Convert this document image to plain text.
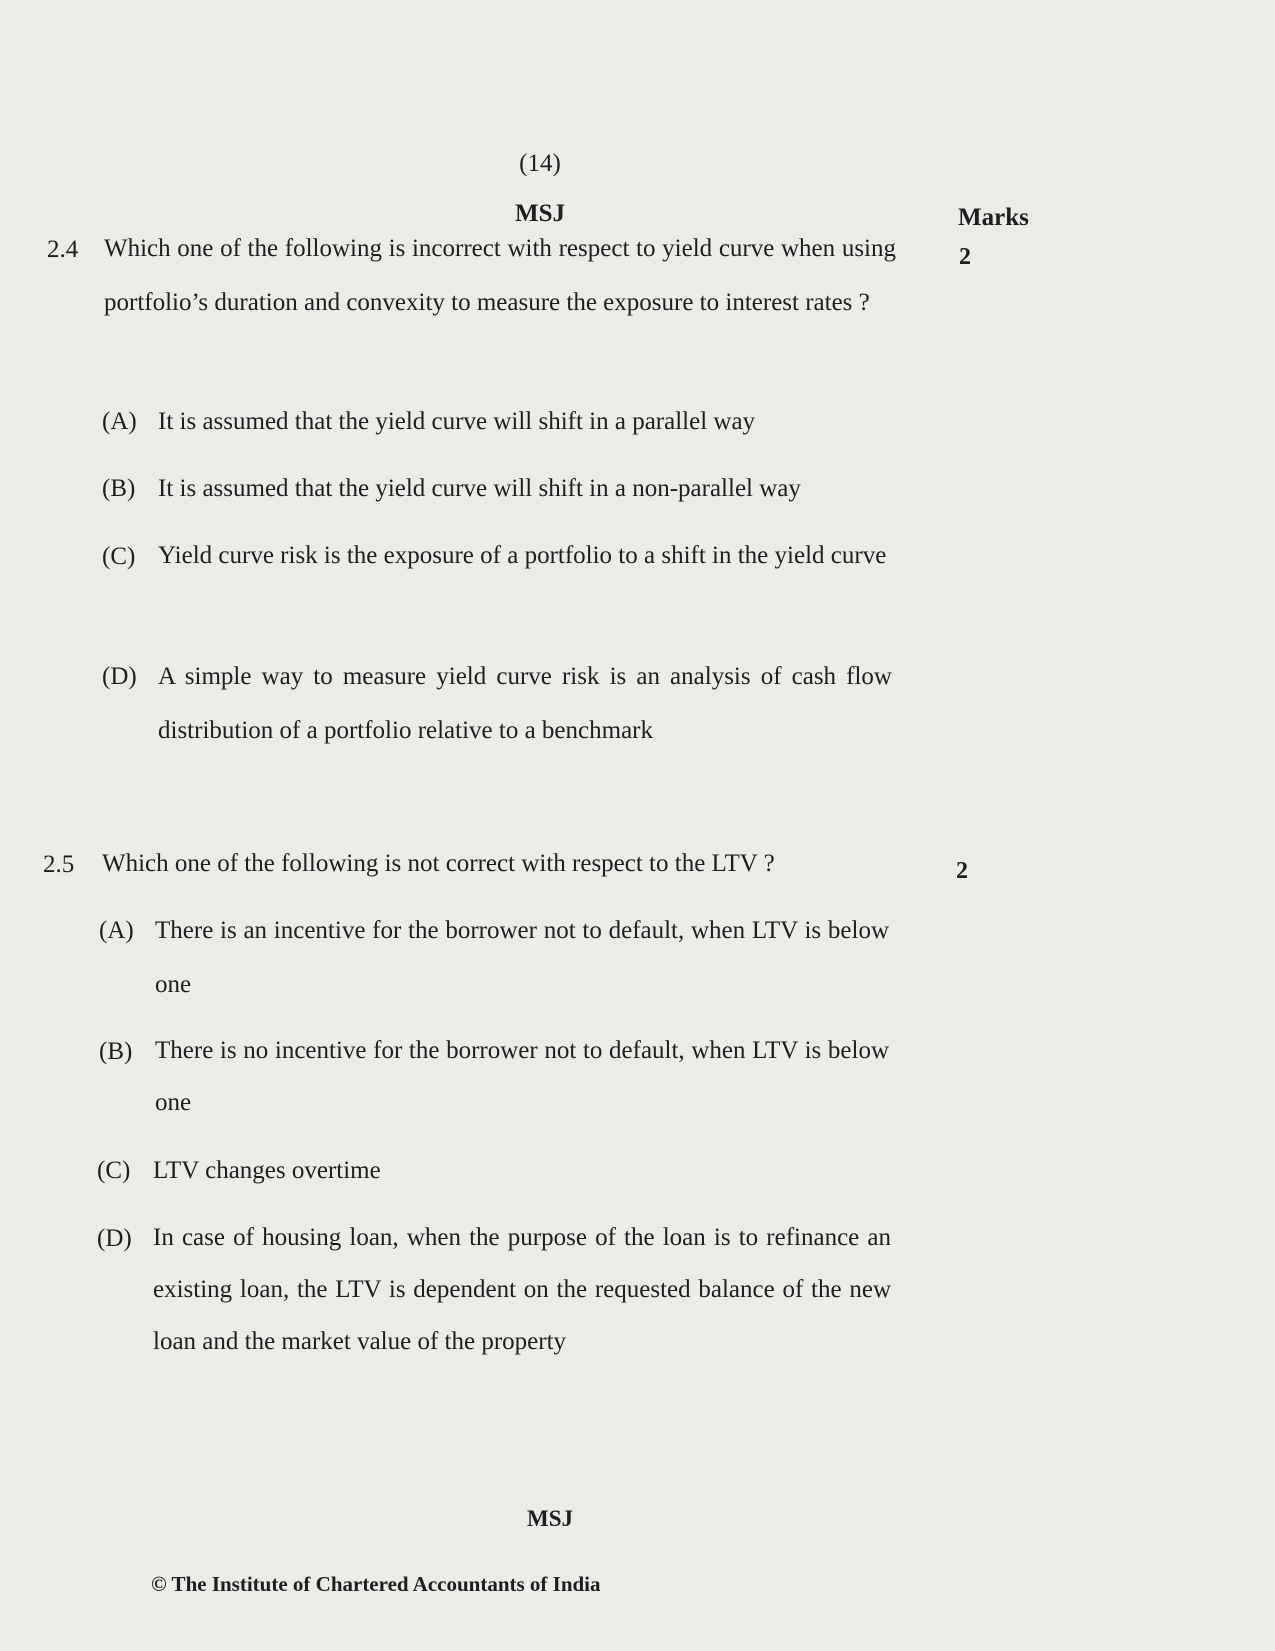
(14)
MSJ	Marks
2.4 Which one of the following is incorrect with respect to yield curve when using portfolio’s duration and convexity to measure the exposure to interest rates ?
2
(A) It is assumed that the yield curve will shift in a parallel way
(B) It is assumed that the yield curve will shift in a non-parallel way
(C) Yield curve risk is the exposure of a portfolio to a shift in the yield curve
(D) A simple way to measure yield curve risk is an analysis of cash flow distribution of a portfolio relative to a benchmark
2.5 Which one of the following is not correct with respect to the LTV ?	2
(A) There is an incentive for the borrower not to default, when LTV is below one
(B) There is no incentive for the borrower not to default, when LTV is below one
(C) LTV changes overtime
(D) In case of housing loan, when the purpose of the loan is to refinance an existing loan, the LTV is dependent on the requested balance of the new loan and the market value of the property
MSJ
© The Institute of Chartered Accountants of India
